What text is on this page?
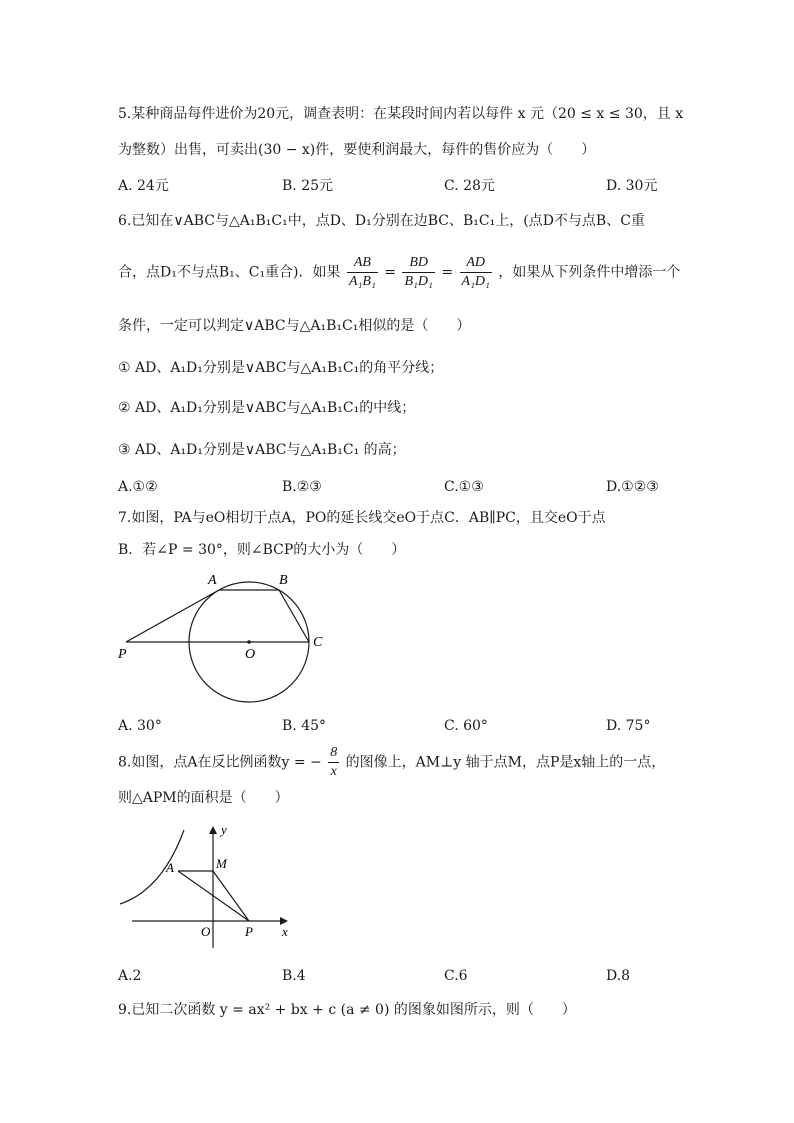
5.某种商品每件进价为20元，调查表明：在某段时间内若以每件 x 元（20 ≤ x ≤ 30，且 x
为整数）出售，可卖出(30 − x)件，要使利润最大，每件的售价应为（　　）
A. 24元	B. 25元	C. 28元	D. 30元
6.已知在∨ABC与△A₁B₁C₁中，点D、D₁分别在边BC、B₁C₁上，(点D不与点B、C重
合，点D₁不与点B₁、C₁重合)．如果 $\frac{AB}{\text{A₁B₁}} = \frac{BD}{\text{B₁D₁}} = \frac{AD}{\text{A₁D₁}}$ ，如果从下列条件中增添一个
条件，一定可以判定∨ABC与△A₁B₁C₁相似的是（　　）
① AD、A₁D₁分别是∨ABC与△A₁B₁C₁的角平分线；
② AD、A₁D₁分别是∨ABC与△A₁B₁C₁的中线；
③ AD、A₁D₁分别是∨ABC与△A₁B₁C₁ 的高；
A.①②	B.②③	C.①③	D.①②③
7.如图，PA与eO相切于点A，PO的延长线交eO于点C．AB∥PC，且交eO于点
B．若∠P = 30°，则∠BCP的大小为（　　）
A	B
C
O
P
A. 30°	B. 45°	C. 60°	D. 75°
8.如图，点A在反比例函数y = − $\frac{8}{x}$ 的图像上，AM⊥y 轴于点M，点P是x轴上的一点，
则△APM的面积是（　　）
y
x
A	M
O	P
A.2	B.4	C.6	D.8
9.已知二次函数 y = ax² + bx + c (a ≠ 0) 的图象如图所示，则（　　）
